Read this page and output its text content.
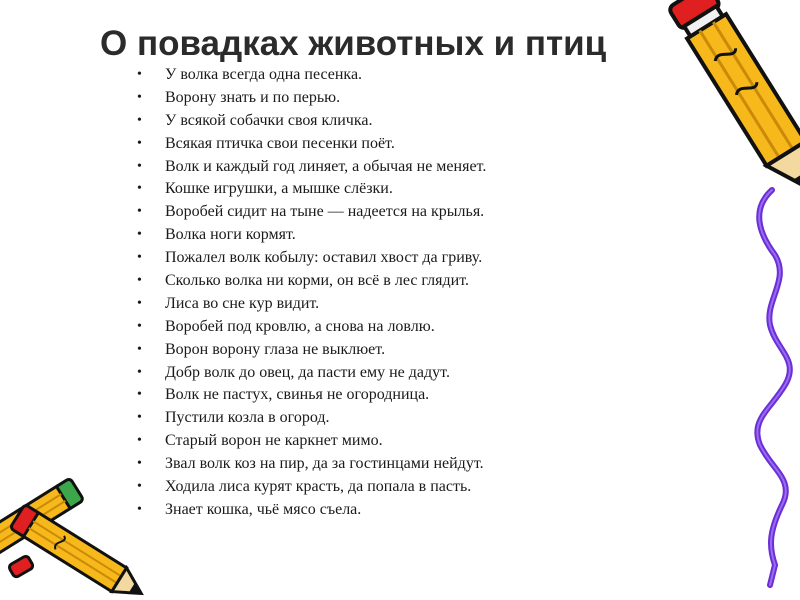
О повадках животных и птиц
• У волка всегда одна песенка.
• Ворону знать и по перью.
• У всякой собачки своя кличка.
• Всякая птичка свои песенки поёт.
• Волк и каждый год линяет, а обычая не меняет.
• Кошке игрушки, а мышке слёзки.
• Воробей сидит на тыне — надеется на крылья.
• Волка ноги кормят.
• Пожалел волк кобылу: оставил хвост да гриву.
• Сколько волка ни корми, он всё в лес глядит.
• Лиса во сне кур видит.
• Воробей под кровлю, а снова на ловлю.
• Ворон ворону глаза не выклюет.
• Добр волк до овец, да пасти ему не дадут.
• Волк не пастух, свинья не огородница.
• Пустили козла в огород.
• Старый ворон не каркнет мимо.
• Звал волк коз на пир, да за гостинцами нейдут.
• Ходила лиса курят красть, да попала в пасть.
• Знает кошка, чьё мясо съела.
